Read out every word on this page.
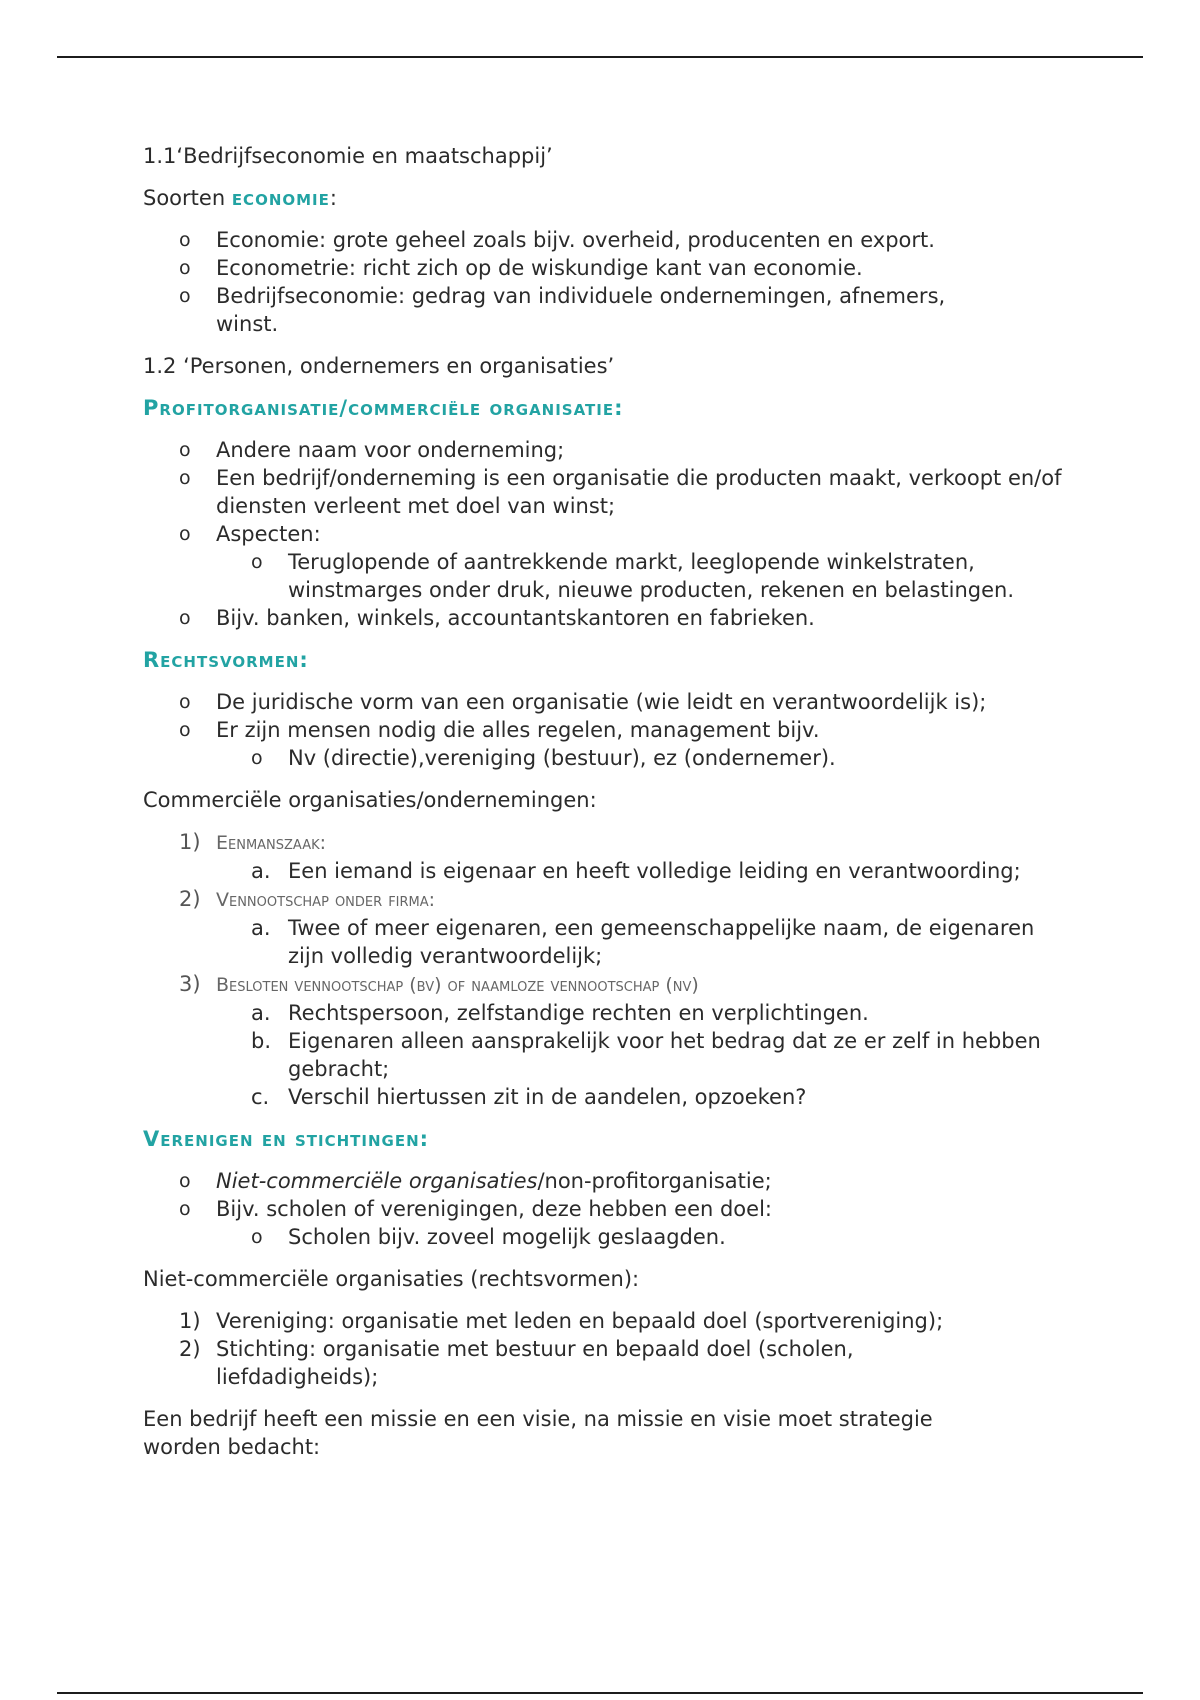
1.1‘Bedrijfseconomie en maatschappij’

Soorten economie:

o Economie: grote geheel zoals bijv. overheid, producenten en export.
o Econometrie: richt zich op de wiskundige kant van economie.
o Bedrijfseconomie: gedrag van individuele ondernemingen, afnemers, winst.

1.2 ‘Personen, ondernemers en organisaties’

Profitorganisatie/commerciële organisatie:

o Andere naam voor onderneming;
o Een bedrijf/onderneming is een organisatie die producten maakt, verkoopt en/of diensten verleent met doel van winst;
o Aspecten:
o Teruglopende of aantrekkende markt, leeglopende winkelstraten, winstmarges onder druk, nieuwe producten, rekenen en belastingen.
o Bijv. banken, winkels, accountantskantoren en fabrieken.

Rechtsvormen:

o De juridische vorm van een organisatie (wie leidt en verantwoordelijk is);
o Er zijn mensen nodig die alles regelen, management bijv.
o Nv (directie),vereniging (bestuur), ez (ondernemer).

Commerciële organisaties/ondernemingen:

1) Eenmanszaak:
a. Een iemand is eigenaar en heeft volledige leiding en verantwoording;
2) Vennootschap onder firma:
a. Twee of meer eigenaren, een gemeenschappelijke naam, de eigenaren zijn volledig verantwoordelijk;
3) Besloten vennootschap (bv) of naamloze vennootschap (nv)
a. Rechtspersoon, zelfstandige rechten en verplichtingen.
b. Eigenaren alleen aansprakelijk voor het bedrag dat ze er zelf in hebben gebracht;
c. Verschil hiertussen zit in de aandelen, opzoeken?

Verenigen en stichtingen:

o Niet-commerciële organisaties/non-profitorganisatie;
o Bijv. scholen of verenigingen, deze hebben een doel:
o Scholen bijv. zoveel mogelijk geslaagden.

Niet-commerciële organisaties (rechtsvormen):

1) Vereniging: organisatie met leden en bepaald doel (sportvereniging);
2) Stichting: organisatie met bestuur en bepaald doel (scholen, liefdadigheids);

Een bedrijf heeft een missie en een visie, na missie en visie moet strategie worden bedacht:
